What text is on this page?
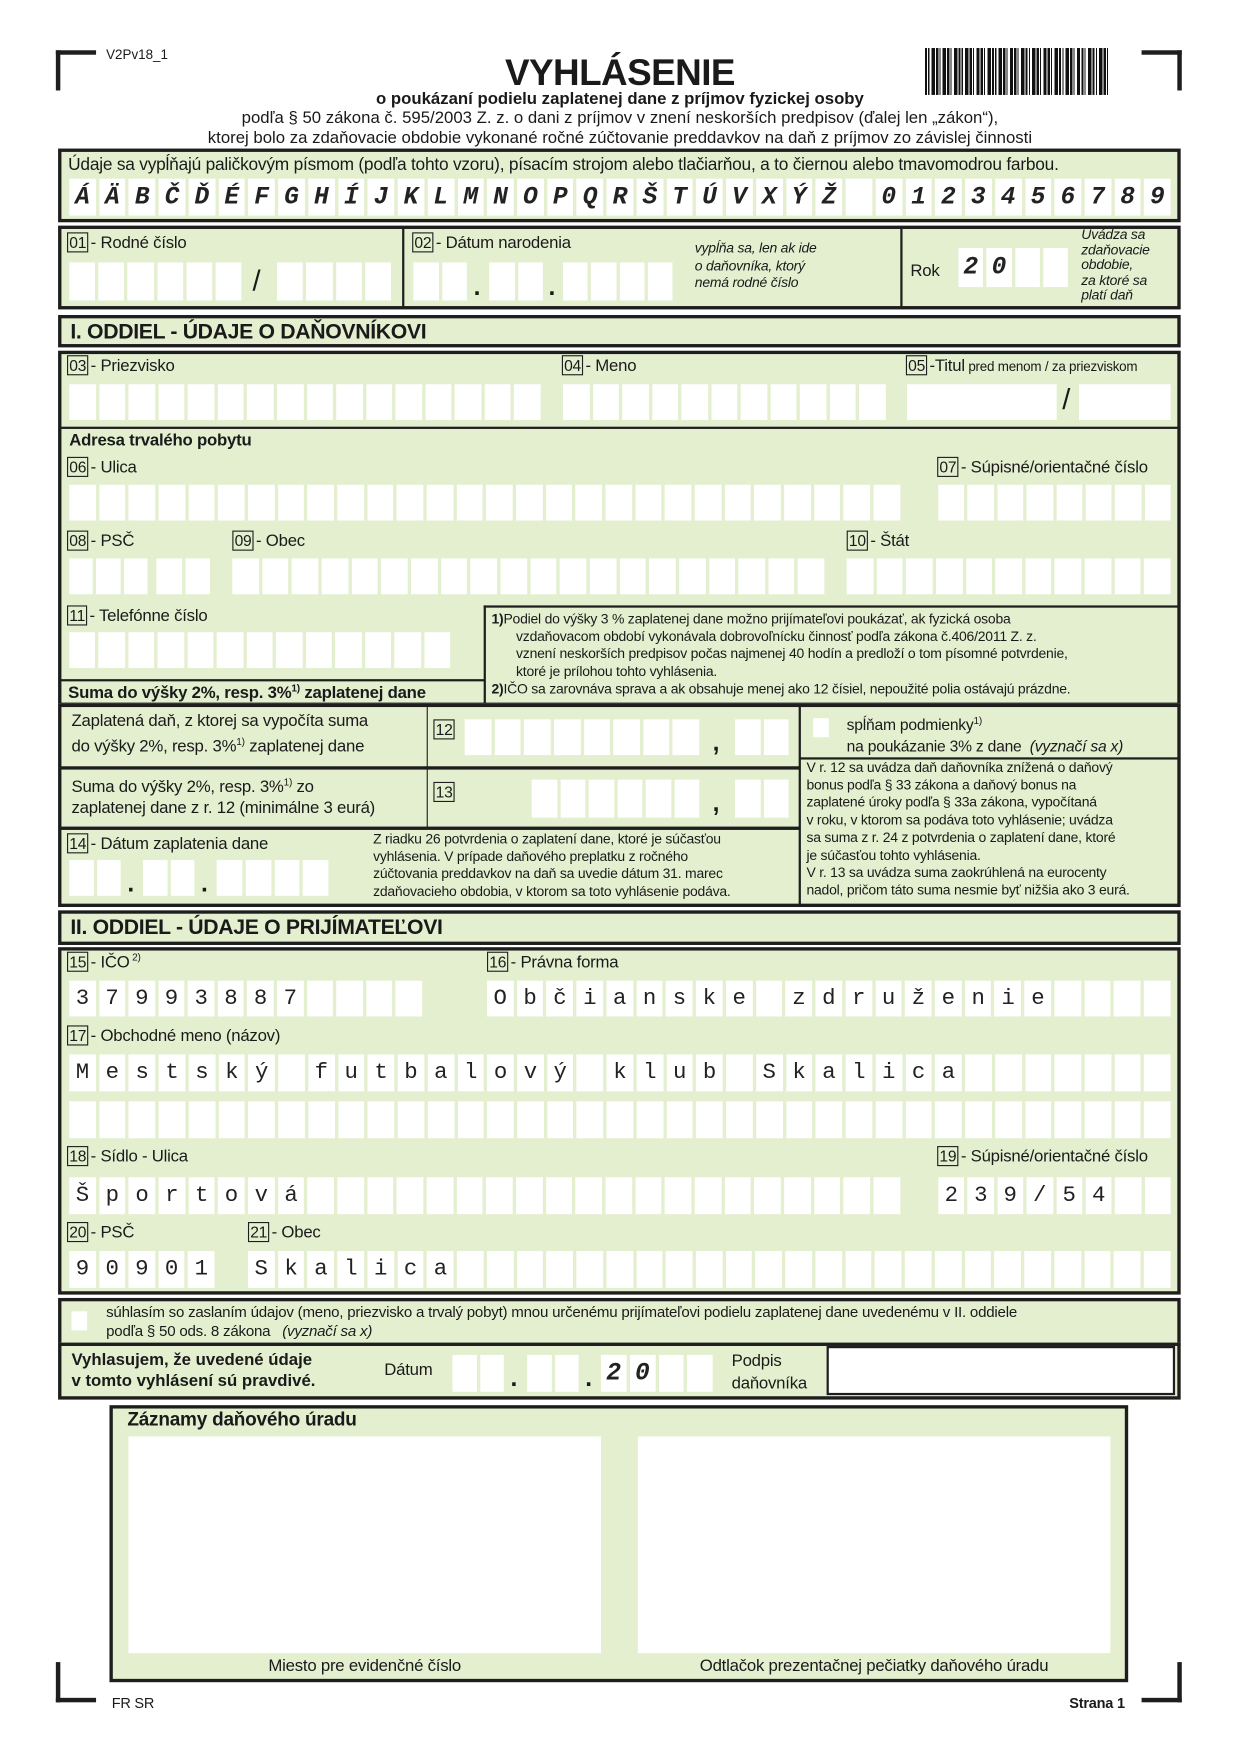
V2Pv18_1	VYHLÁSENIE
o poukázaní podielu zaplatenej dane z príjmov fyzickej osoby
podľa § 50 zákona č. 595/2003 Z. z. o dani z príjmov v znení neskorších predpisov (ďalej len „zákon“),
ktorej bolo za zdaňovacie obdobie vykonané ročné zúčtovanie preddavkov na daň z príjmov zo závislej činnosti
Údaje sa vypĺňajú paličkovým písmom (podľa tohto vzoru), písacím strojom alebo tlačiarňou, a to čiernou alebo tmavomodrou farbou.
ÁÄBČĎÉFGHÍJKLMNOPQRŠTÚVXÝŽ 0123456789
01 - Rodné číslo
/
02 - Dátum narodenia
.	.
vypĺňa sa, len ak ide
o daňovníka, ktorý
nemá rodné číslo
Rok 20
Uvádza sa
zdaňovacie
obdobie,
za ktoré sa
platí daň
I. ODDIEL - ÚDAJE O DAŇOVNÍKOVI
03 - Priezvisko	04 - Meno	05 -Titul pred menom / za priezviskom
/
Adresa trvalého pobytu
06 - Ulica	07 - Súpisné/orientačné číslo
08 - PSČ	09 - Obec	10 - Štát
11 - Telefónne číslo	1)Podiel do výšky 3 % zaplatenej dane možno prijímateľovi poukázať, ak fyzická osoba
vzdaňovacom období vykonávala dobrovoľnícku činnosť podľa zákona č.406/2011 Z. z.
vznení neskorších predpisov počas najmenej 40 hodín a predloží o tom písomné potvrdenie,
ktoré je prílohou tohto vyhlásenia.
2)IČO sa zarovnáva sprava a ak obsahuje menej ako 12 čísiel, nepoužité polia ostávajú prázdne.
Suma do výšky 2%, resp. 3%$^{1)}$ zaplatenej dane
Zaplatená daň, z ktorej sa vypočíta suma
do výšky 2%, resp. 3%$^{1)}$ zaplatenej dane
12	,
Suma do výšky 2%, resp. 3%$^{1)}$ zo
zaplatenej dane z r. 12 (minimálne 3 eurá)
13	,
spĺňam podmienky$^{1)}$
na poukázanie 3% z dane (vyznačí sa x)
V r. 12 sa uvádza daň daňovníka znížená o daňový
bonus podľa § 33 zákona a daňový bonus na
zaplatené úroky podľa § 33a zákona, vypočítaná
v roku, v ktorom sa podáva toto vyhlásenie; uvádza
sa suma z r. 24 z potvrdenia o zaplatení dane, ktoré
je súčasťou tohto vyhlásenia.
V r. 13 sa uvádza suma zaokrúhlená na eurocenty
nadol, pričom táto suma nesmie byť nižšia ako 3 eurá.
14 - Dátum zaplatenia dane
.	.
Z riadku 26 potvrdenia o zaplatení dane, ktoré je súčasťou
vyhlásenia. V prípade daňového preplatku z ročného
zúčtovania preddavkov na daň sa uvedie dátum 31. marec
zdaňovacieho obdobia, v ktorom sa toto vyhlásenie podáva.
II. ODDIEL - ÚDAJE O PRIJÍMATEĽOVI
15 - IČO $^{2)}$
37993887
16 - Právna forma
Občianske združenie
17 - Obchodné meno (názov)
Mestský futbalový klub Skalica
18 - Sídlo - Ulica
Športová
19 - Súpisné/orientačné číslo
239/54
20 - PSČ
90901
21 - Obec
Skalica
súhlasím so zaslaním údajov (meno, priezvisko a trvalý pobyt) mnou určenému prijímateľovi podielu zaplatenej dane uvedenému v II. oddiele
podľa § 50 ods. 8 zákona (vyznačí sa x)
Vyhlasujem, že uvedené údaje
v tomto vyhlásení sú pravdivé.
Dátum	.	. 20	Podpis
daňovníka
Záznamy daňového úradu
Miesto pre evidenčné číslo	Odtlačok prezentačnej pečiatky daňového úradu
FR SR	Strana 1
